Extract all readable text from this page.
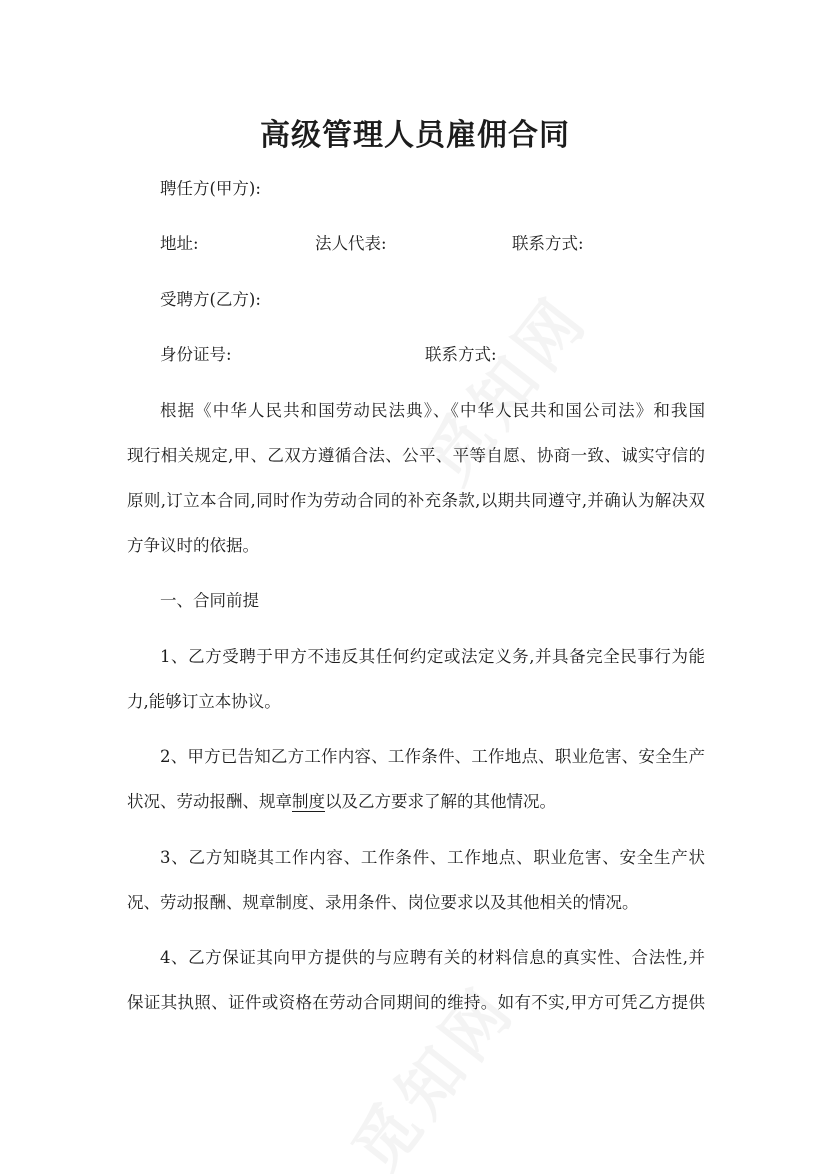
高级管理人员雇佣合同
聘任方(甲方):
地址:	法人代表:	联系方式:
受聘方(乙方):
身份证号:	联系方式:
根据《中华人民共和国劳动民法典》、《中华人民共和国公司法》和我国
现行相关规定,甲、乙双方遵循合法、公平、平等自愿、协商一致、诚实守信的
原则,订立本合同,同时作为劳动合同的补充条款,以期共同遵守,并确认为解决双
方争议时的依据。
一、合同前提
1、乙方受聘于甲方不违反其任何约定或法定义务,并具备完全民事行为能
力,能够订立本协议。
2、甲方已告知乙方工作内容、工作条件、工作地点、职业危害、安全生产
状况、劳动报酬、规章制度以及乙方要求了解的其他情况。
3、乙方知晓其工作内容、工作条件、工作地点、职业危害、安全生产状
况、劳动报酬、规章制度、录用条件、岗位要求以及其他相关的情况。
4、乙方保证其向甲方提供的与应聘有关的材料信息的真实性、合法性,并
保证其执照、证件或资格在劳动合同期间的维持。如有不实,甲方可凭乙方提供
